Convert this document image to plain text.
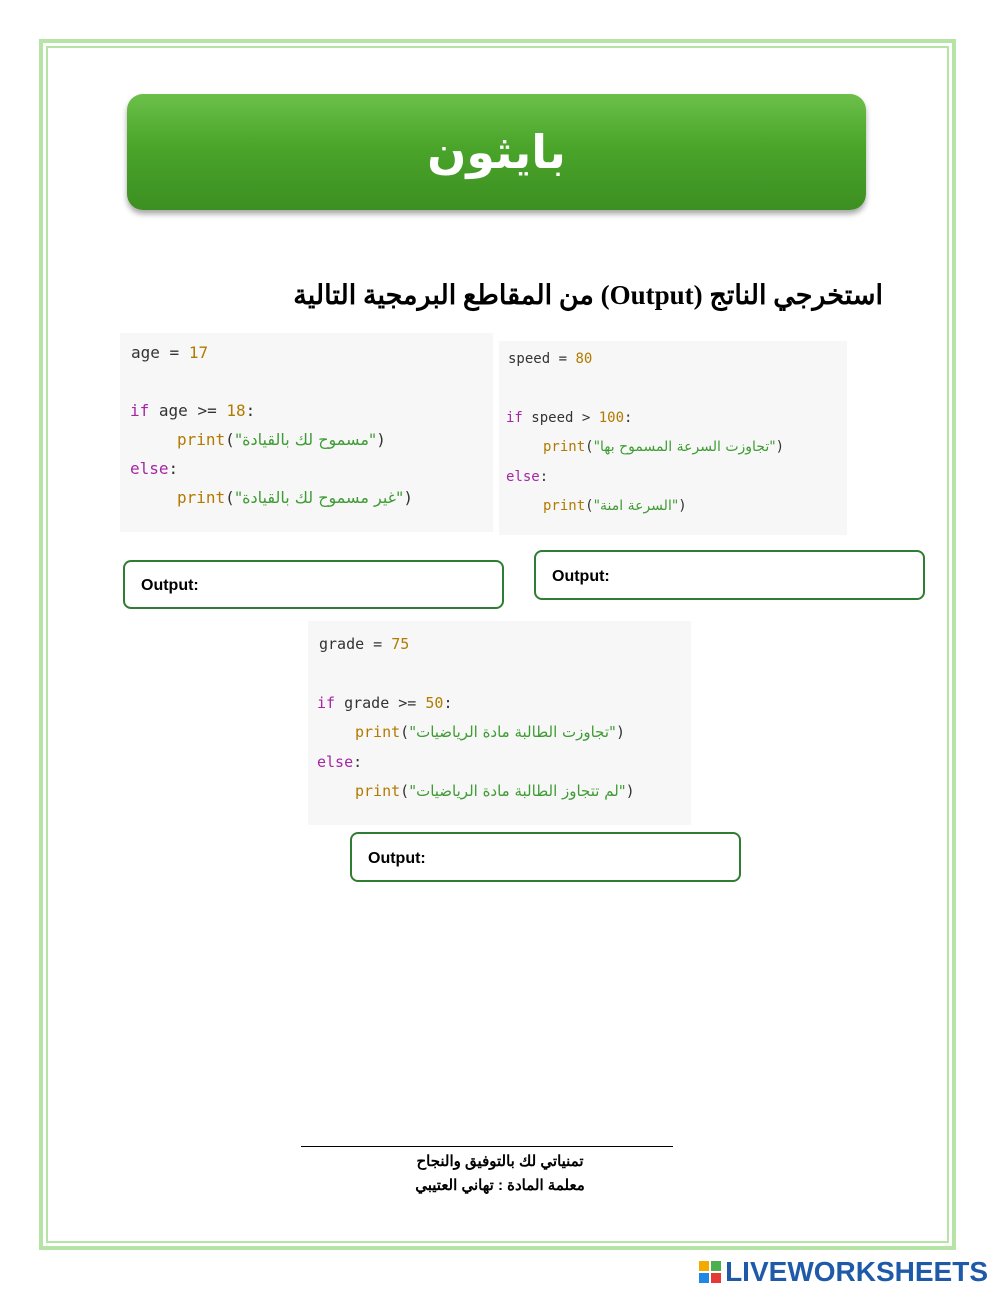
بايثون
استخرجي الناتج (Output) من المقاطع البرمجية التالية
age = 17
if age >= 18:
print("مسموح لك بالقيادة")
else:
print("غير مسموح لك بالقيادة")
speed = 80
if speed > 100:
print("تجاوزت السرعة المسموح بها")
else:
print("السرعة امنة")
Output:
Output:
grade = 75
if grade >= 50:
print("تجاوزت الطالبة مادة الرياضيات")
else:
print("لم تتجاوز الطالبة مادة الرياضيات")
Output:
تمنياتي لك بالتوفيق والنجاح
معلمة المادة : تهاني العتيبي
LIVEWORKSHEETS
